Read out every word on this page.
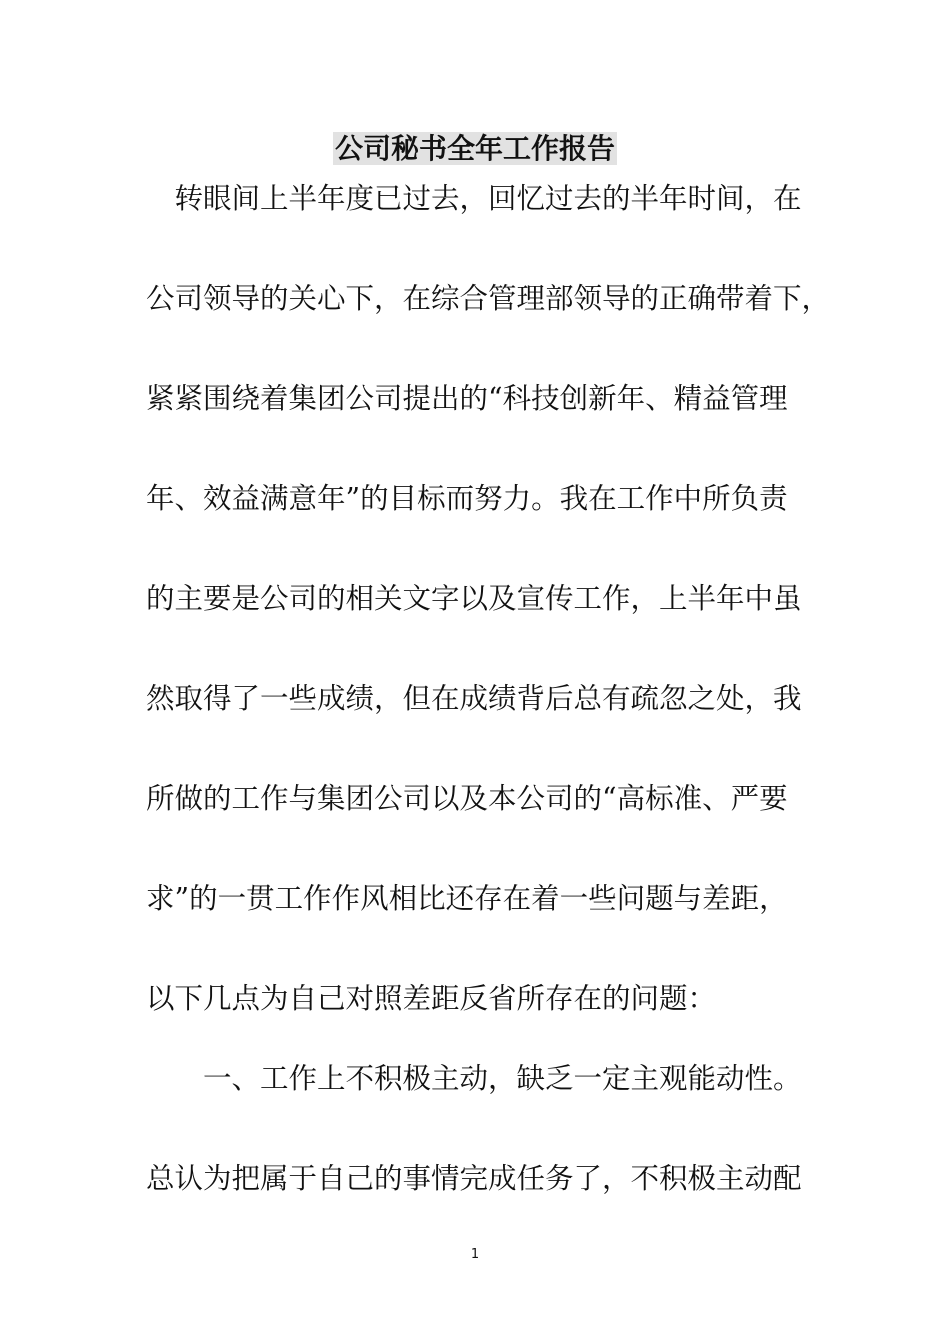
公司秘书全年工作报告
　转眼间上半年度已过去，回忆过去的半年时间，在
公司领导的关心下，在综合管理部领导的正确带着下，
紧紧围绕着集团公司提出的“科技创新年、精益管理
年、效益满意年”的目标而努力。我在工作中所负责
的主要是公司的相关文字以及宣传工作，上半年中虽
然取得了一些成绩，但在成绩背后总有疏忽之处，我
所做的工作与集团公司以及本公司的“高标准、严要
求”的一贯工作作风相比还存在着一些问题与差距，
以下几点为自己对照差距反省所存在的问题：
　　一、工作上不积极主动，缺乏一定主观能动性。
总认为把属于自己的事情完成任务了，不积极主动配
1
